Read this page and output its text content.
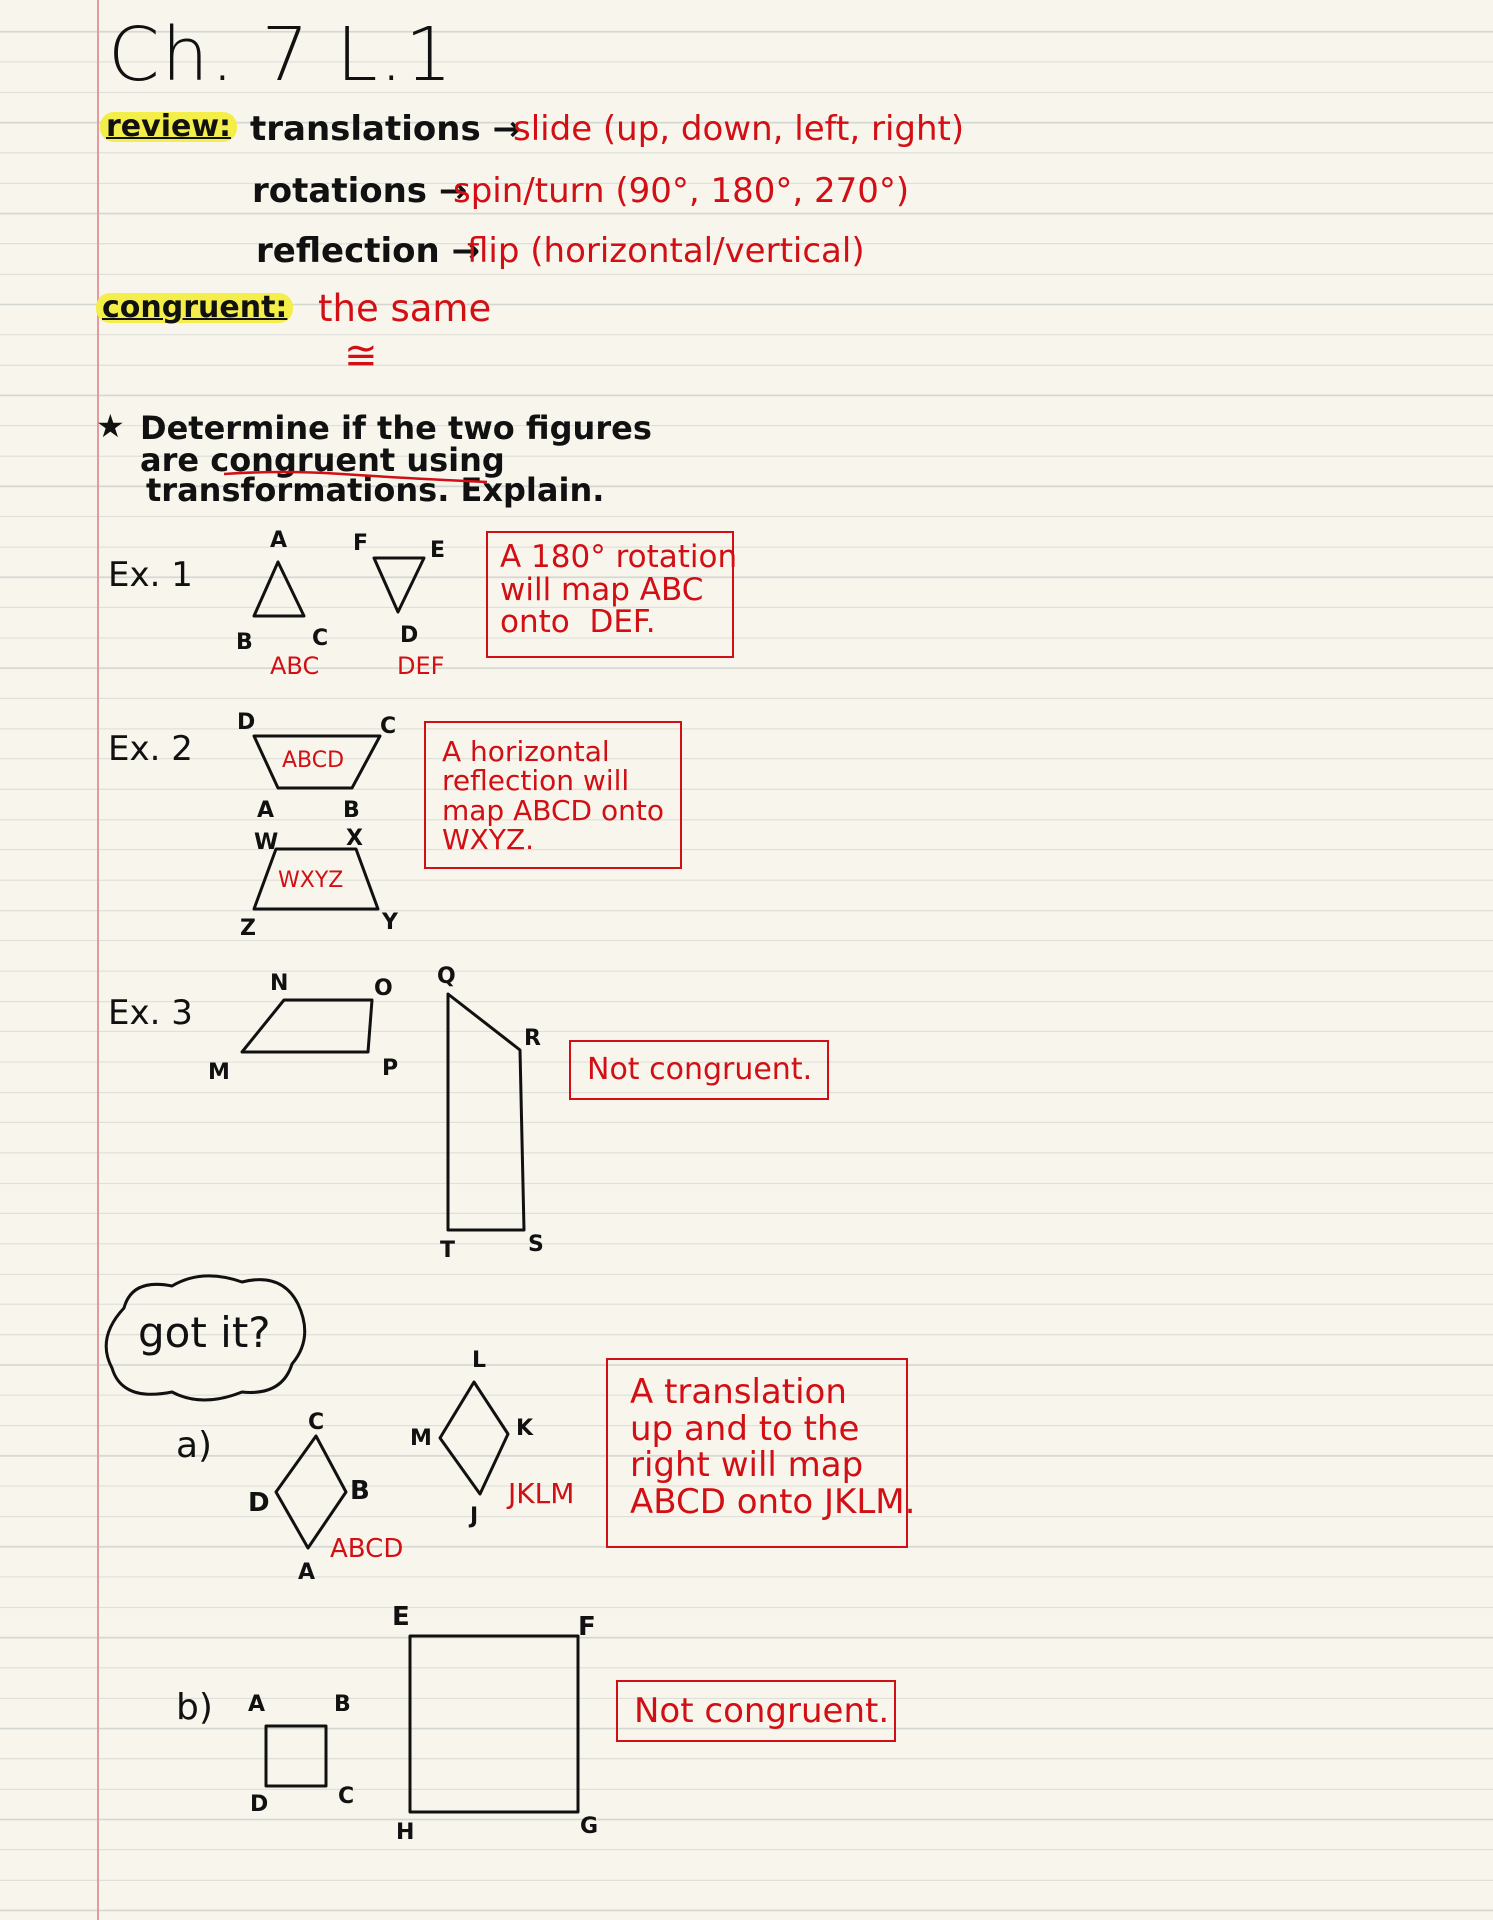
Ch. 7 L.1
review: translations →
slide (up, down, left, right)
rotations →
spin/turn (90°, 180°, 270°)
reflection →
flip (horizontal/vertical)
congruent: the same
≅
★ Determine if the two figures
are congruent using
transformations. Explain.
Ex. 1
A
B	C
ABC
F	E
D
DEF
A 180° rotation
will map ABC
onto  DEF.
Ex. 2
D	C
A	B
ABCD
W	X
Z	Y
WXYZ
A horizontal
reflection will
map ABCD onto
WXYZ.
Ex. 3
N	O
M	P
Q
R
T	S
Not congruent.
got it?
a)
C
D	B
A
ABCD
L
M	K
J
JKLM
A translation
up and to the
right will map
ABCD onto JKLM.
b) A	B
D	C
E	F
H	G
Not congruent.
